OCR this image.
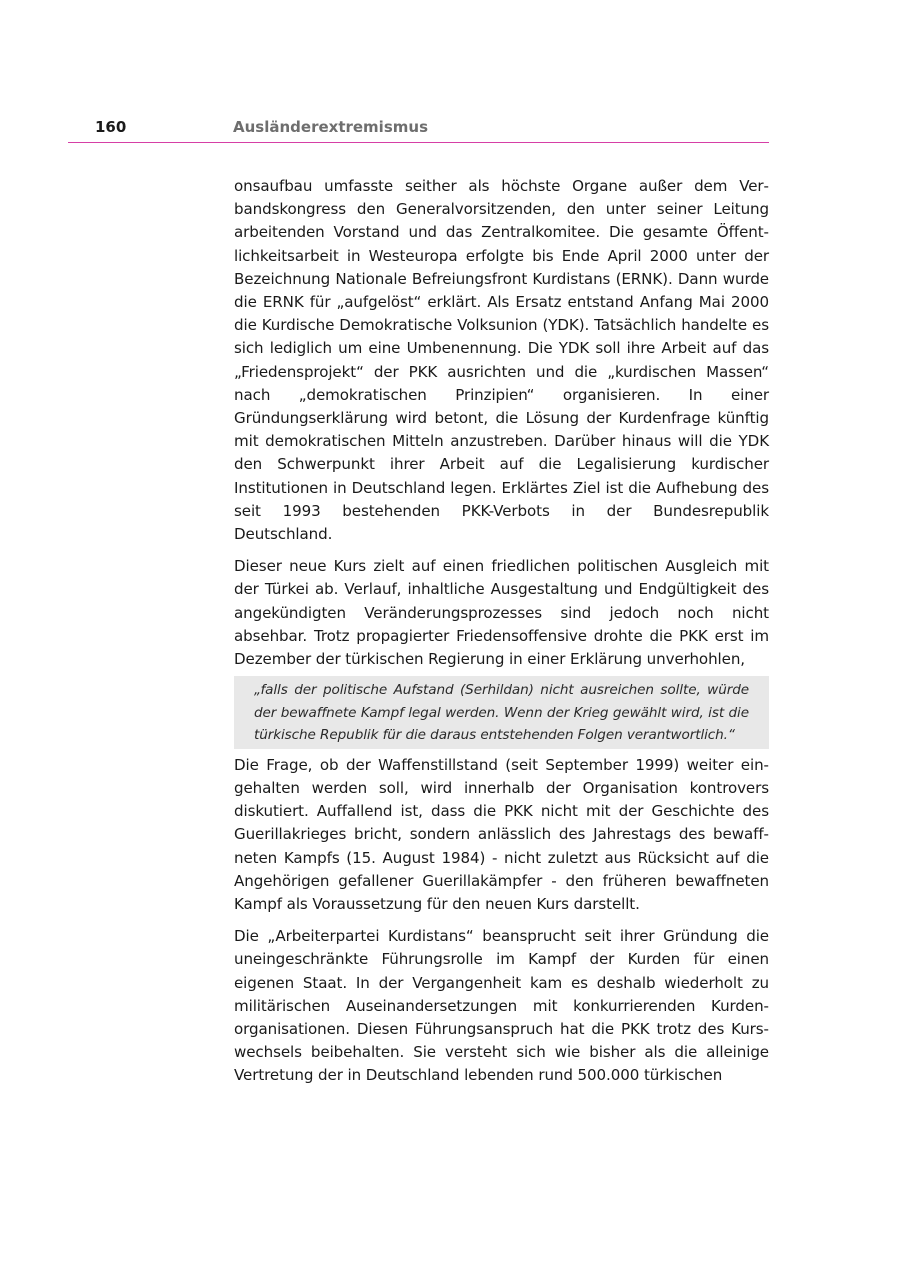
160	Ausländerextremismus

onsaufbau umfasste seither als höchste Organe außer dem Verbandskongress den Generalvorsitzenden, den unter seiner Leitung arbeitenden Vorstand und das Zentralkomitee. Die gesamte Öffentlichkeitsarbeit in Westeuropa erfolgte bis Ende April 2000 unter der Bezeichnung Nationale Befreiungsfront Kurdistans (ERNK). Dann wurde die ERNK für „aufgelöst“ erklärt. Als Ersatz entstand Anfang Mai 2000 die Kurdische Demokratische Volksunion (YDK). Tatsächlich handelte es sich lediglich um eine Umbenennung. Die YDK soll ihre Arbeit auf das „Friedensprojekt“ der PKK ausrichten und die „kurdischen Massen“ nach „demokratischen Prinzipien“ organisieren. In einer Gründungserklärung wird betont, die Lösung der Kurdenfrage künftig mit demokratischen Mitteln anzustreben. Darüber hinaus will die YDK den Schwerpunkt ihrer Arbeit auf die Legalisierung kurdischer Institutionen in Deutschland legen. Erklärtes Ziel ist die Aufhebung des seit 1993 bestehenden PKK-Verbots in der Bundesrepublik Deutschland.

Dieser neue Kurs zielt auf einen friedlichen politischen Ausgleich mit der Türkei ab. Verlauf, inhaltliche Ausgestaltung und Endgültigkeit des angekündigten Veränderungsprozesses sind jedoch noch nicht absehbar. Trotz propagierter Friedensoffensive drohte die PKK erst im Dezember der türkischen Regierung in einer Erklärung unverhohlen,

„falls der politische Aufstand (Serhildan) nicht ausreichen sollte, würde der bewaffnete Kampf legal werden. Wenn der Krieg gewählt wird, ist die türkische Republik für die daraus entstehenden Folgen verantwortlich.“

Die Frage, ob der Waffenstillstand (seit September 1999) weiter eingehalten werden soll, wird innerhalb der Organisation kontrovers diskutiert. Auffallend ist, dass die PKK nicht mit der Geschichte des Guerillakrieges bricht, sondern anlässlich des Jahrestags des bewaffneten Kampfs (15. August 1984) - nicht zuletzt aus Rücksicht auf die Angehörigen gefallener Guerillakämpfer - den früheren bewaffneten Kampf als Voraussetzung für den neuen Kurs darstellt.

Die „Arbeiterpartei Kurdistans“ beansprucht seit ihrer Gründung die uneingeschränkte Führungsrolle im Kampf der Kurden für einen eigenen Staat. In der Vergangenheit kam es deshalb wiederholt zu militärischen Auseinandersetzungen mit konkurrierenden Kurdenorganisationen. Diesen Führungsanspruch hat die PKK trotz des Kurswechsels beibehalten. Sie versteht sich wie bisher als die alleinige Vertretung der in Deutschland lebenden rund 500.000 türkischen
